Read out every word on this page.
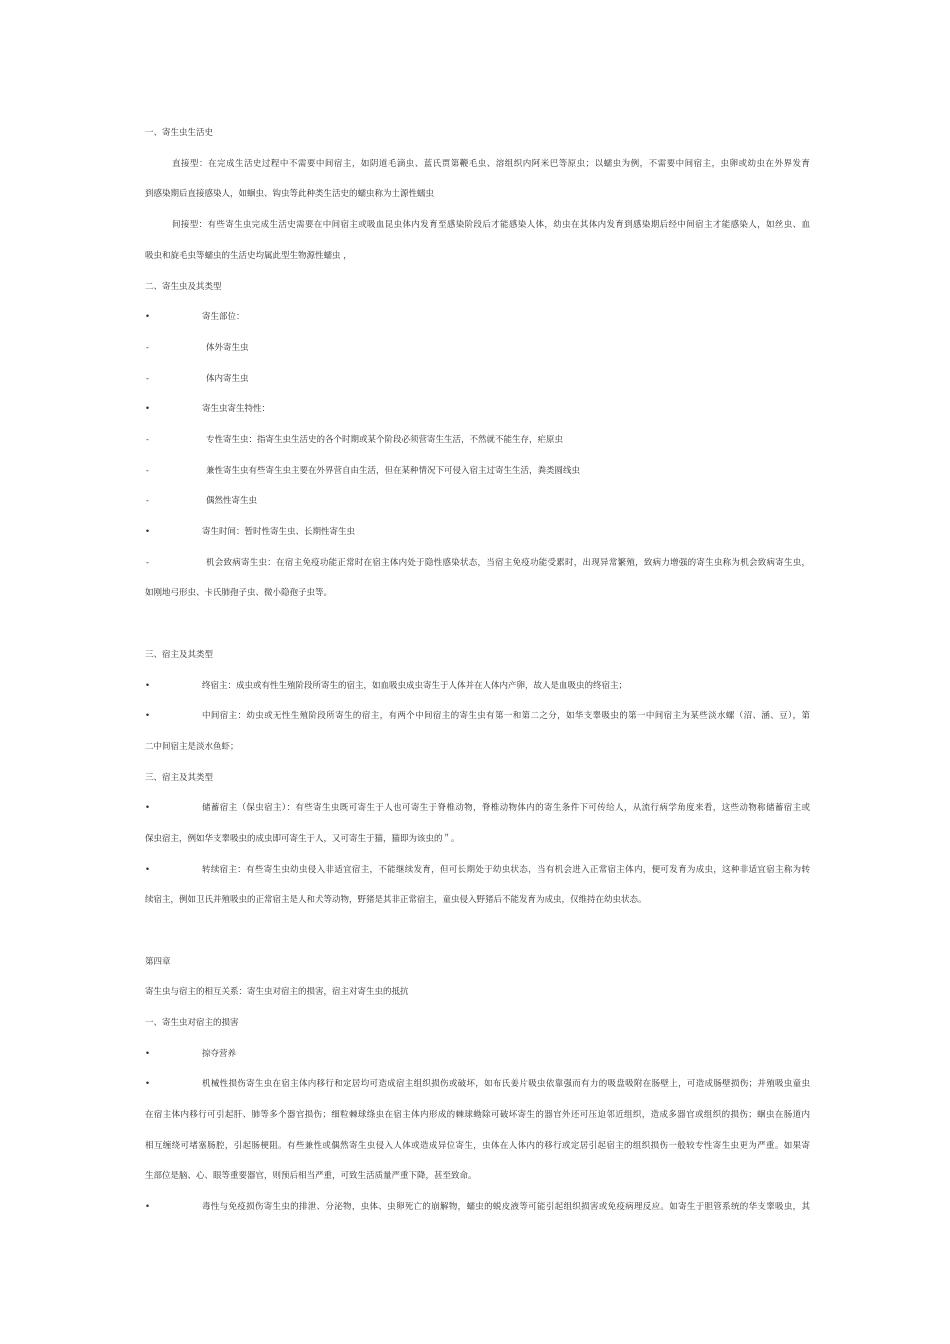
一、寄生虫生活史
直接型：在完成生活史过程中不需要中间宿主，如阴道毛滴虫、蓝氏贾第鞭毛虫、溶组织内阿米巴等原虫；以蠕虫为例，不需要中间宿主，虫卵或幼虫在外界发育
到感染期后直接感染人，如蛔虫、钩虫等此种类生活史的蠕虫称为土源性蠕虫
间接型：有些寄生虫完成生活史需要在中间宿主或吸血昆虫体内发育至感染阶段后才能感染人体，幼虫在其体内发育到感染期后经中间宿主才能感染人，如丝虫、血
吸虫和旋毛虫等蠕虫的生活史均属此型生物源性蠕虫 ，
二、寄生虫及其类型
•	寄生部位：
-	体外寄生虫
-	体内寄生虫
•	寄生虫寄生特性：
-	专性寄生虫：指寄生虫生活史的各个时期或某个阶段必须营寄生生活，不然就不能生存，疟原虫
-	兼性寄生虫有些寄生虫主要在外界营自由生活，但在某种情况下可侵入宿主过寄生生活，粪类圆线虫
-	偶然性寄生虫
•	寄生时间：暂时性寄生虫、长期性寄生虫
-	机会致病寄生虫：在宿主免疫功能正常时在宿主体内处于隐性感染状态，当宿主免疫功能受累时，出现异常繁殖，致病力增强的寄生虫称为机会致病寄生虫，
如刚地弓形虫、卡氏肺孢子虫、微小隐孢子虫等。
三、宿主及其类型
•	终宿主：成虫或有性生殖阶段所寄生的宿主，如血吸虫成虫寄生于人体并在人体内产卵，故人是血吸虫的终宿主；
•	中间宿主：幼虫或无性生殖阶段所寄生的宿主，有两个中间宿主的寄生虫有第一和第二之分，如华支睾吸虫的第一中间宿主为某些淡水螺（沼、涵、豆），第
二中间宿主是淡水鱼虾；
三、宿主及其类型
•	储蓄宿主（保虫宿主）：有些寄生虫既可寄生于人也可寄生于脊椎动物，脊椎动物体内的寄生条件下可传给人，从流行病学角度来看，这些动物称储蓄宿主或
保虫宿主，例如华支睾吸虫的成虫即可寄生于人，又可寄生于猫，猫即为该虫的＂。
•	转续宿主：有些寄生虫幼虫侵入非适宜宿主，不能继续发育，但可长期处于幼虫状态，当有机会进入正常宿主体内，便可发育为成虫，这种非适宜宿主称为转
续宿主，例如卫氏并殖吸虫的正常宿主是人和犬等动物，野猪是其非正常宿主，童虫侵入野猪后不能发育为成虫，仅维持在幼虫状态。
第四章
寄生虫与宿主的相互关系：寄生虫对宿主的损害，宿主对寄生虫的抵抗
一、寄生虫对宿主的损害
•	掠夺营养
•	机械性损伤寄生虫在宿主体内移行和定居均可造成宿主组织损伤或破坏，如布氏姜片吸虫依靠强而有力的吸盘吸附在肠壁上，可造成肠壁损伤；并殖吸虫童虫
在宿主体内移行可引起肝、肺等多个器官损伤；细粒棘球绦虫在宿主体内形成的棘球蚴除可破坏寄生的器官外还可压迫邻近组织，造成多器官或组织的损伤；蛔虫在肠道内
相互缠绕可堵塞肠腔，引起肠梗阻。有些兼性或偶然寄生虫侵入人体或造成异位寄生，虫体在人体内的移行或定居引起宿主的组织损伤一般较专性寄生虫更为严重。如果寄
生部位是脑、心、眼等重要器官，则预后相当严重，可致生活质量严重下降，甚至致命。
•	毒性与免疫损伤寄生虫的排泄、分泌物，虫体、虫卵死亡的崩解物，蠕虫的蜕皮液等可能引起组织损害或免疫病理反应。如寄生于胆管系统的华支睾吸虫，其
